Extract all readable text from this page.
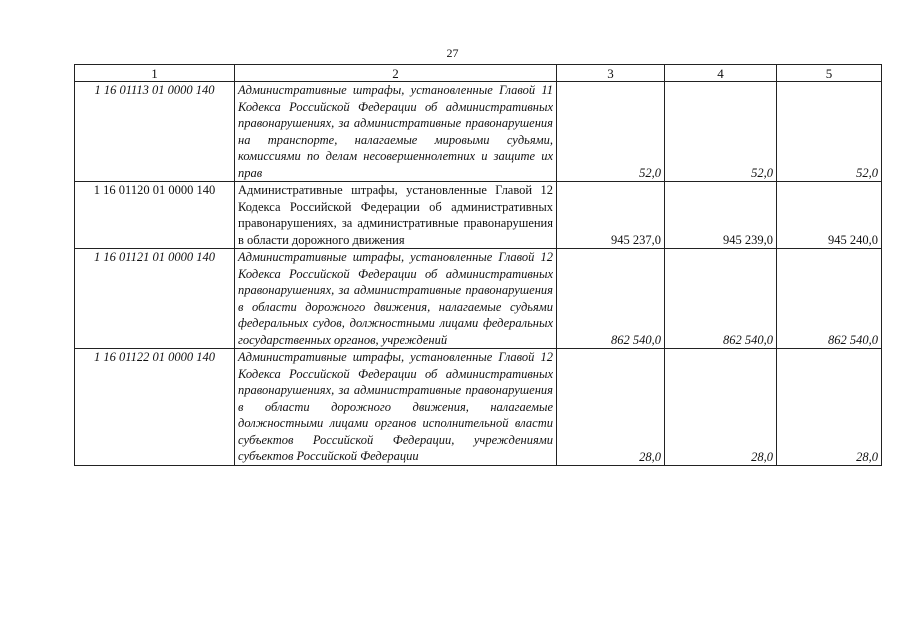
27
1	2	3	4	5
1 16 01113 01 0000 140	Административные штрафы, установленные Главой 11 Кодекса Российской Федерации об административных правонарушениях, за административные правонарушения на транспорте, налагаемые мировыми судьями, комиссиями по делам несовершеннолетних и защите их прав	52,0	52,0	52,0
1 16 01120 01 0000 140	Административные штрафы, установленные Главой 12 Кодекса Российской Федерации об административных правонарушениях, за административные правонарушения в области дорожного движения	945 237,0	945 239,0	945 240,0
1 16 01121 01 0000 140	Административные штрафы, установленные Главой 12 Кодекса Российской Федерации об административных правонарушениях, за административные правонарушения в области дорожного движения, налагаемые судьями федеральных судов, должностными лицами федеральных государственных органов, учреждений	862 540,0	862 540,0	862 540,0
1 16 01122 01 0000 140	Административные штрафы, установленные Главой 12 Кодекса Российской Федерации об административных правонарушениях, за административные правонарушения в области дорожного движения, налагаемые должностными лицами органов исполнительной власти субъектов Российской Федерации, учреждениями субъектов Российской Федерации	28,0	28,0	28,0
